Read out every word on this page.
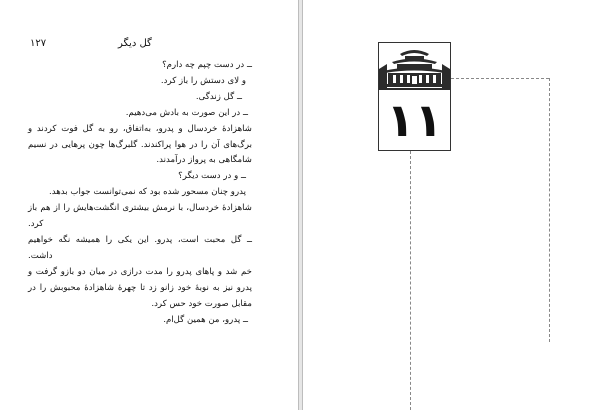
۱۲۷	گل دیگر

ــ در دست چپم چه دارم؟

و لای دستش را باز کرد.

ــ گل زندگی.

ــ در این صورت به بادش می‌دهیم.

شاهزادهٔ خردسال و پدرو، به‌اتفاق، رو به گل فوت کردند و

برگ‌های آن را در هوا پراکندند. گلبرگ‌ها چون پرهایی در نسیم

شامگاهی به پرواز درآمدند.

ــ و در دست دیگر؟

پدرو چنان مسحور شده بود که نمی‌توانست جواب بدهد.

شاهزادهٔ خردسال، با نرمش بیشتری انگشت‌هایش را از هم باز

کرد.

ــ گل محبت است، پدرو. این یکی را همیشه نگه خواهیم

داشت.

خم شد و پاهای پدرو را مدت درازی در میان دو بازو گرفت و

پدرو نیز به نوبهٔ خود زانو زد تا چهرهٔ شاهزادهٔ محبوبش را در

مقابل صورت خود حس کرد.

ــ پدرو، من همین گل‌ام.

۱۱
